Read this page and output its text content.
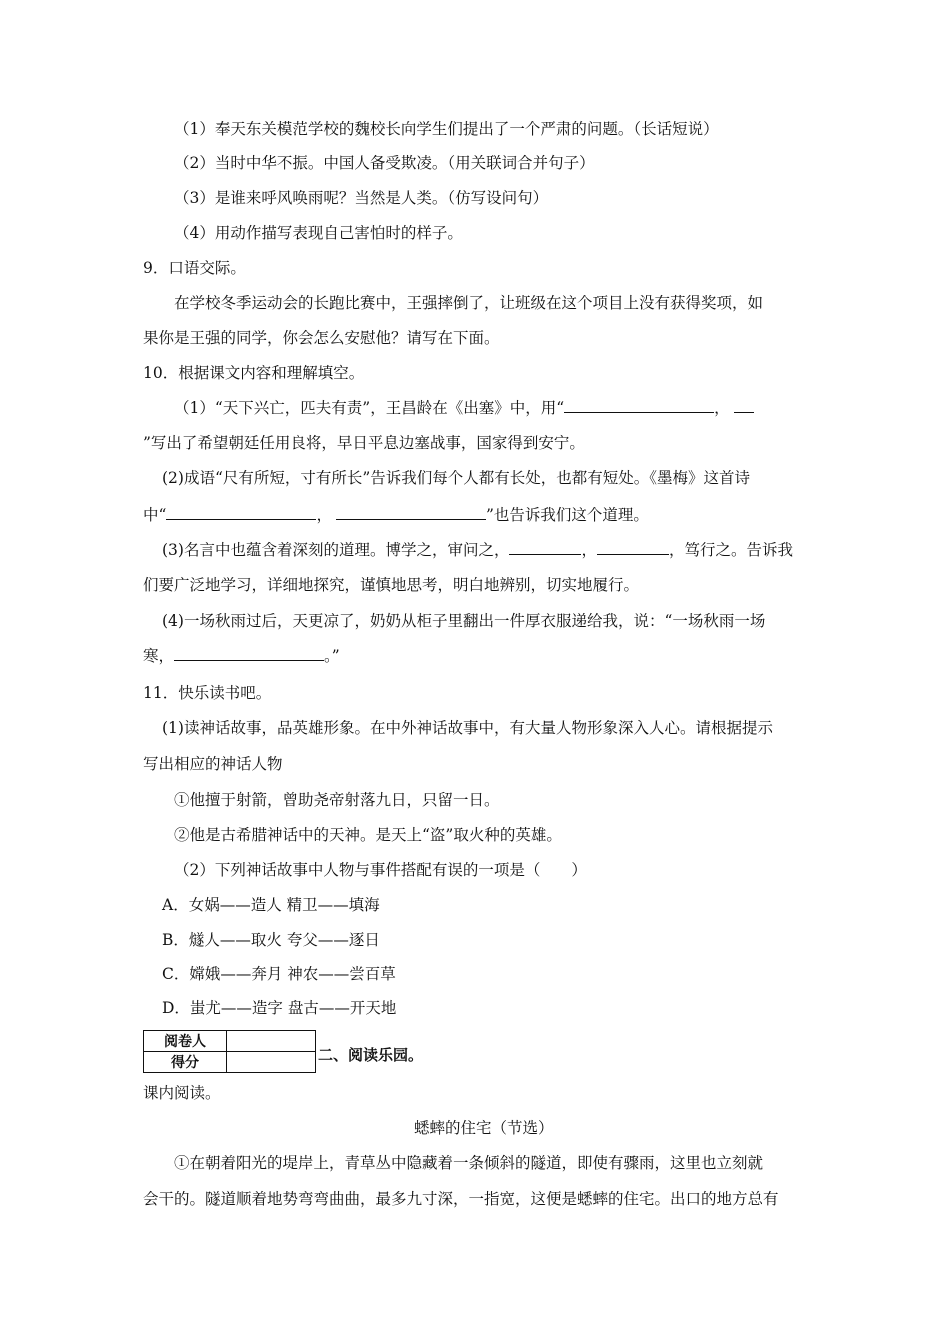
（1）奉天东关模范学校的魏校长向学生们提出了一个严肃的问题。（长话短说）
（2）当时中华不振。中国人备受欺凌。（用关联词合并句子）
（3）是谁来呼风唤雨呢？当然是人类。（仿写设问句）
（4）用动作描写表现自己害怕时的样子。
9．口语交际。
在学校冬季运动会的长跑比赛中，王强摔倒了，让班级在这个项目上没有获得奖项，如
果你是王强的同学，你会怎么安慰他？请写在下面。
10．根据课文内容和理解填空。
（1）“天下兴亡，匹夫有责”，王昌龄在《出塞》中，用“	，
”写出了希望朝廷任用良将，早日平息边塞战事，国家得到安宁。
(2)成语“尺有所短，寸有所长”告诉我们每个人都有长处，也都有短处。《墨梅》这首诗
中“	，	”也告诉我们这个道理。
(3)名言中也蕴含着深刻的道理。博学之，审问之，	，	，笃行之。告诉我
们要广泛地学习，详细地探究，谨慎地思考，明白地辨别，切实地履行。
(4)一场秋雨过后，天更凉了，奶奶从柜子里翻出一件厚衣服递给我，说：“一场秋雨一场
寒，	。”
11．快乐读书吧。
(1)读神话故事，品英雄形象。在中外神话故事中，有大量人物形象深入人心。请根据提示
写出相应的神话人物
①他擅于射箭，曾助尧帝射落九日，只留一日。
②他是古希腊神话中的天神。是天上“盗”取火种的英雄。
（2）下列神话故事中人物与事件搭配有误的一项是（　　）
A．女娲——造人 精卫——填海
B．燧人——取火 夸父——逐日
C．嫦娥——奔月 神农——尝百草
D．蚩尤——造字 盘古——开天地
阅卷人	
得分		二、阅读乐园。
课内阅读。
蟋蟀的住宅（节选）
①在朝着阳光的堤岸上，青草丛中隐藏着一条倾斜的隧道，即使有骤雨，这里也立刻就
会干的。隧道顺着地势弯弯曲曲，最多九寸深，一指宽，这便是蟋蟀的住宅。出口的地方总有
